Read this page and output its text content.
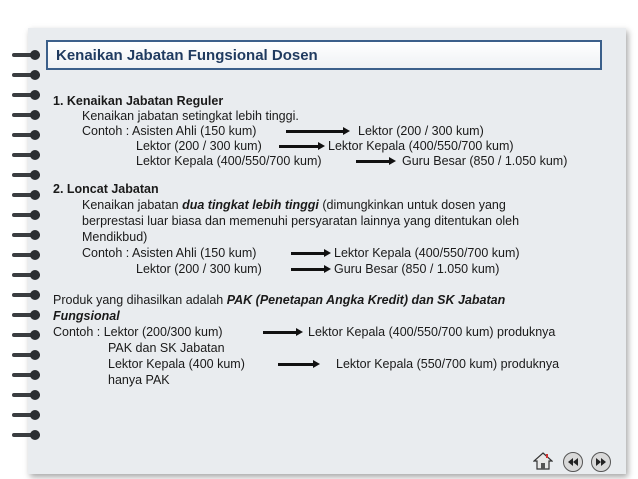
Kenaikan Jabatan Fungsional Dosen
1. Kenaikan Jabatan Reguler
Kenaikan jabatan setingkat lebih tinggi.
Contoh : Asisten Ahli (150 kum)	Lektor (200 / 300 kum)
Lektor (200 / 300 kum)	Lektor Kepala (400/550/700 kum)
Lektor Kepala (400/550/700 kum)	Guru Besar (850 / 1.050 kum)
2. Loncat Jabatan
Kenaikan jabatan dua tingkat lebih tinggi (dimungkinkan untuk dosen yang
berprestasi luar biasa dan memenuhi persyaratan lainnya yang ditentukan oleh
Mendikbud)
Contoh : Asisten Ahli (150 kum)	Lektor Kepala (400/550/700 kum)
Lektor (200 / 300 kum)	Guru Besar (850 / 1.050 kum)
Produk yang dihasilkan adalah PAK (Penetapan Angka Kredit) dan SK Jabatan
Fungsional
Contoh : Lektor (200/300 kum)	Lektor Kepala (400/550/700 kum) produknya
PAK dan SK Jabatan
Lektor Kepala (400 kum)	Lektor Kepala (550/700 kum) produknya
hanya PAK
